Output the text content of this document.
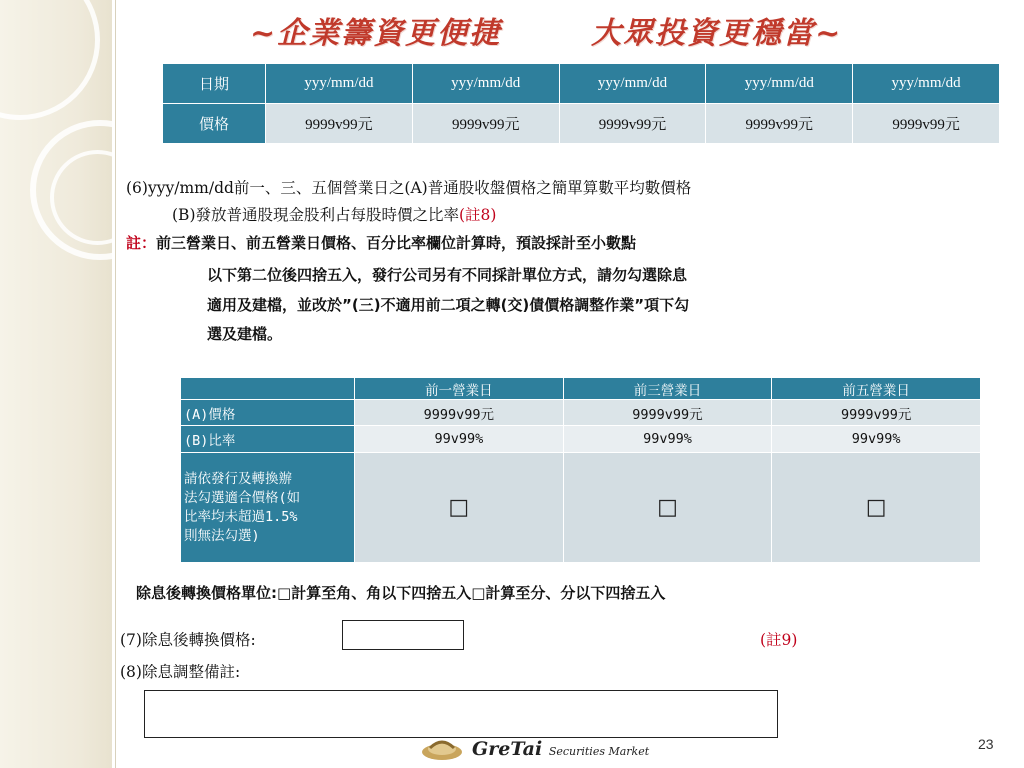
~企業籌資更便捷	大眾投資更穩當~
日期	yyy/mm/dd	yyy/mm/dd	yyy/mm/dd	yyy/mm/dd	yyy/mm/dd
價格	9999v99元	9999v99元	9999v99元	9999v99元	9999v99元
(6)yyy/mm/dd前一、三、五個營業日之(A)普通股收盤價格之簡單算數平均數價格
(B)發放普通股現金股利占每股時價之比率(註8)
註：前三營業日、前五營業日價格、百分比率欄位計算時，預設採計至小數點
以下第二位後四捨五入，發行公司另有不同採計單位方式，請勿勾選除息
適用及建檔，並改於”(三)不適用前二項之轉(交)債價格調整作業”項下勾
選及建檔。
	前一營業日	前三營業日	前五營業日
(A)價格	9999v99元	9999v99元	9999v99元
(B)比率	99v99%	99v99%	99v99%

請依發行及轉換辦
法勾選適合價格(如
比率均未超過1.5%
則無法勾選)	□	□	□
除息後轉換價格單位:□計算至角、角以下四捨五入□計算至分、分以下四捨五入
(7)除息後轉換價格:	(註9)
(8)除息調整備註:
GreTai Securities Market	23
